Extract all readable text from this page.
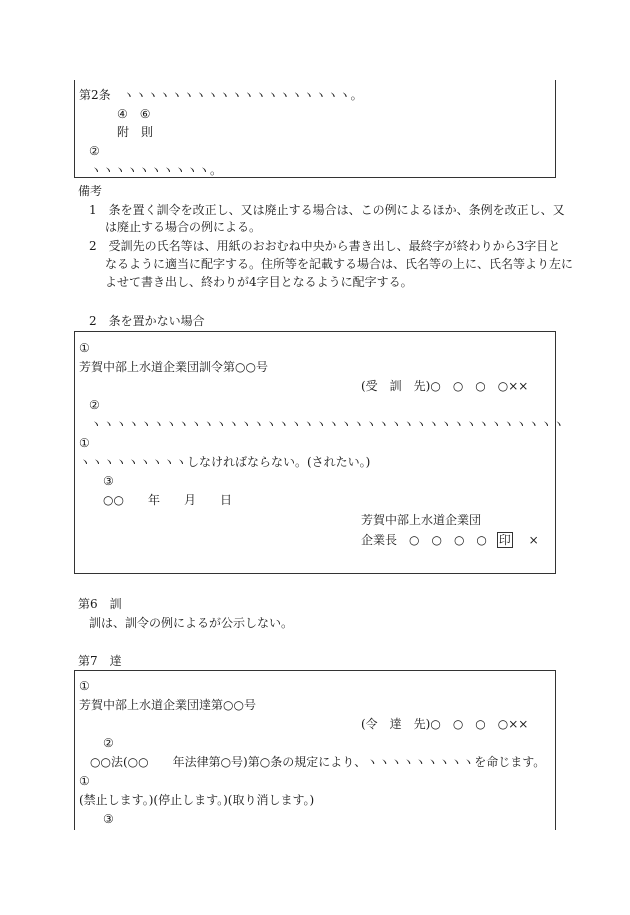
第2条　ヽヽヽヽヽヽヽヽヽヽヽヽヽヽヽヽヽヽヽ。
④　⑥
附　則
②
ヽヽヽヽヽヽヽヽヽヽ。
備考
1　条を置く訓令を改正し、又は廃止する場合は、この例によるほか、条例を改正し、又
は廃止する場合の例による。
2　受訓先の氏名等は、用紙のおおむね中央から書き出し、最終字が終わりから3字目と
なるように適当に配字する。住所等を記載する場合は、氏名等の上に、氏名等より左に
よせて書き出し、終わりが4字目となるように配字する。
2　条を置かない場合
①
芳賀中部上水道企業団訓令第○○号
(受　訓　先)○　○　○　○××
②
ヽヽヽヽヽヽヽヽヽヽヽヽヽヽヽヽヽヽヽヽヽヽヽヽヽヽヽヽヽヽヽヽヽヽヽヽヽヽ
①
ヽヽヽヽヽヽヽヽヽしなければならない。(されたい。)
③
○○　　年　　月　　日
芳賀中部上水道企業団
企業長　○　○　○　○ 印 ×
第6　訓
訓は、訓令の例によるが公示しない。
第7　達
①
芳賀中部上水道企業団達第○○号
(令　達　先)○　○　○　○××
②
○○法(○○　　年法律第○号)第○条の規定により、ヽヽヽヽヽヽヽヽヽを命じます。
①
(禁止します。)(停止します。)(取り消します。)
③
